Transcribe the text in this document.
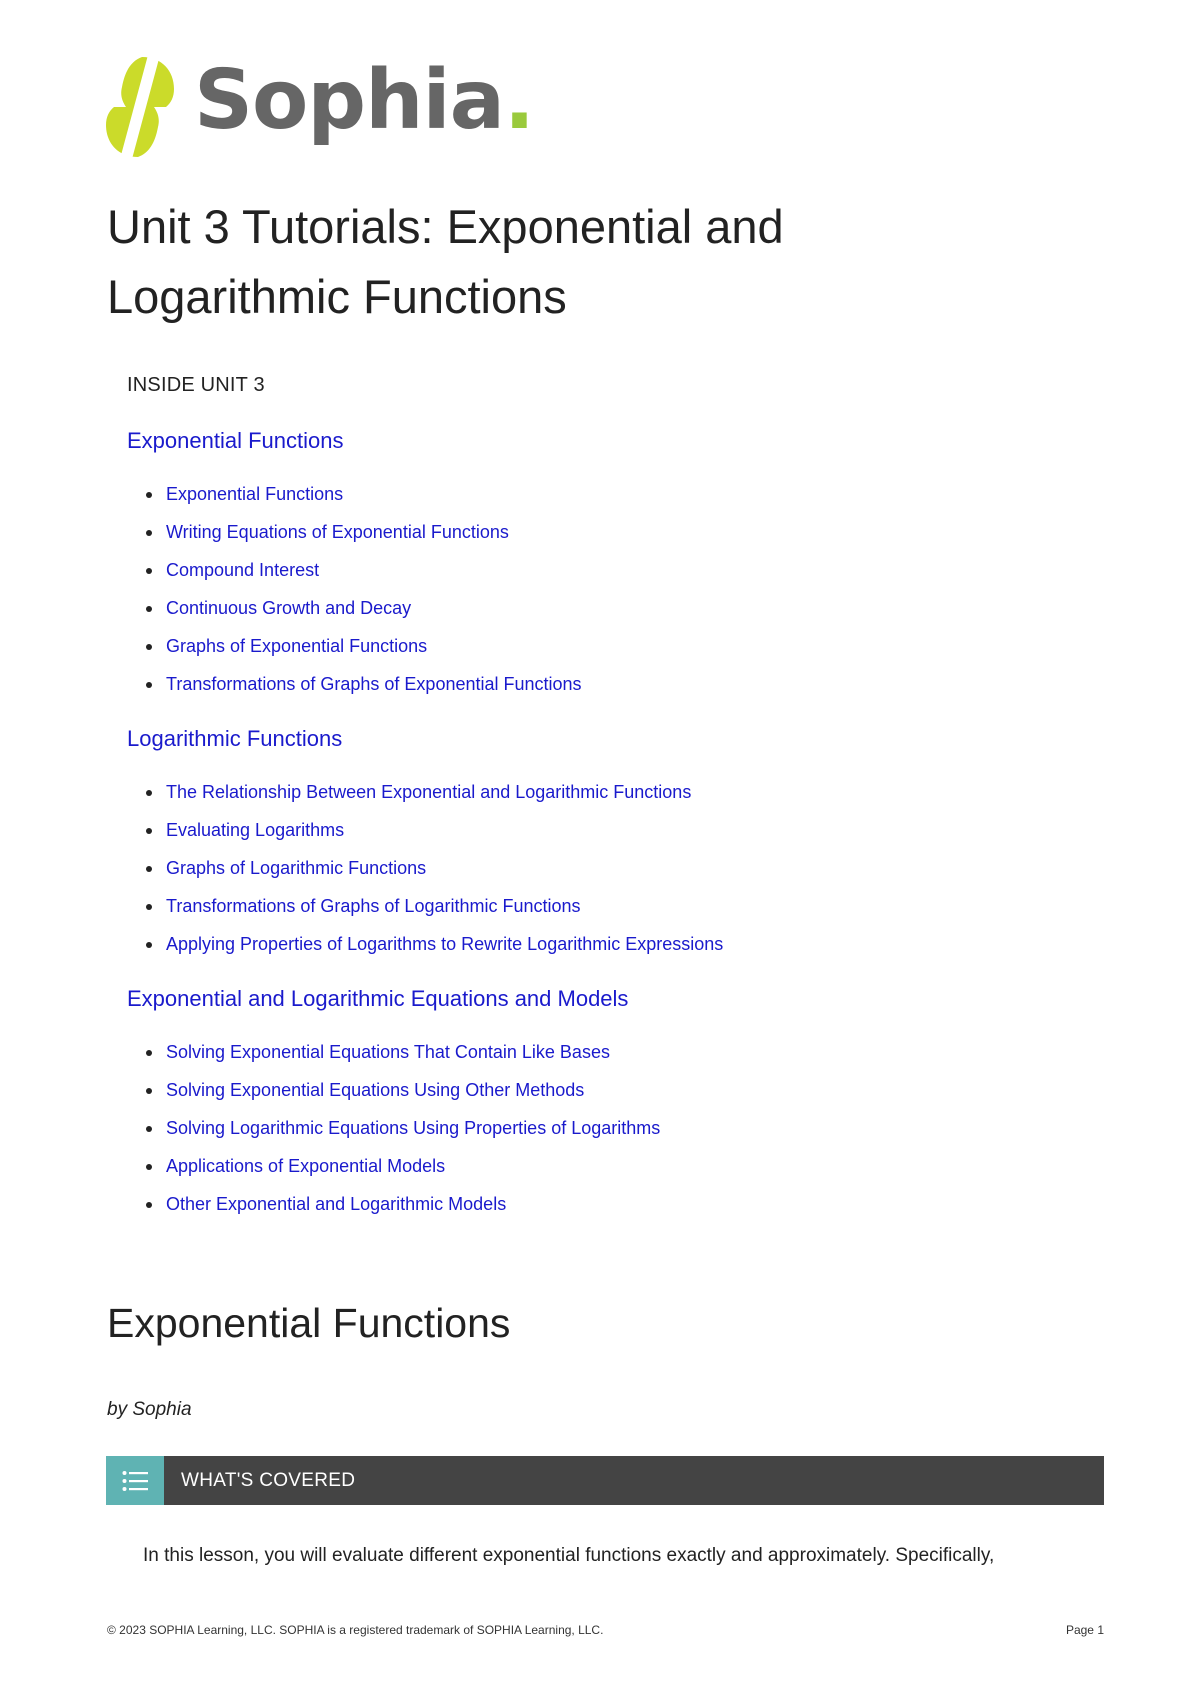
Sophia.
Unit 3 Tutorials: Exponential and Logarithmic Functions
INSIDE UNIT 3
Exponential Functions
Exponential Functions
Writing Equations of Exponential Functions
Compound Interest
Continuous Growth and Decay
Graphs of Exponential Functions
Transformations of Graphs of Exponential Functions
Logarithmic Functions
The Relationship Between Exponential and Logarithmic Functions
Evaluating Logarithms
Graphs of Logarithmic Functions
Transformations of Graphs of Logarithmic Functions
Applying Properties of Logarithms to Rewrite Logarithmic Expressions
Exponential and Logarithmic Equations and Models
Solving Exponential Equations That Contain Like Bases
Solving Exponential Equations Using Other Methods
Solving Logarithmic Equations Using Properties of Logarithms
Applications of Exponential Models
Other Exponential and Logarithmic Models
Exponential Functions

by Sophia

WHAT'S COVERED

In this lesson, you will evaluate different exponential functions exactly and approximately. Specifically,

© 2023 SOPHIA Learning, LLC. SOPHIA is a registered trademark of SOPHIA Learning, LLC.	Page 1
